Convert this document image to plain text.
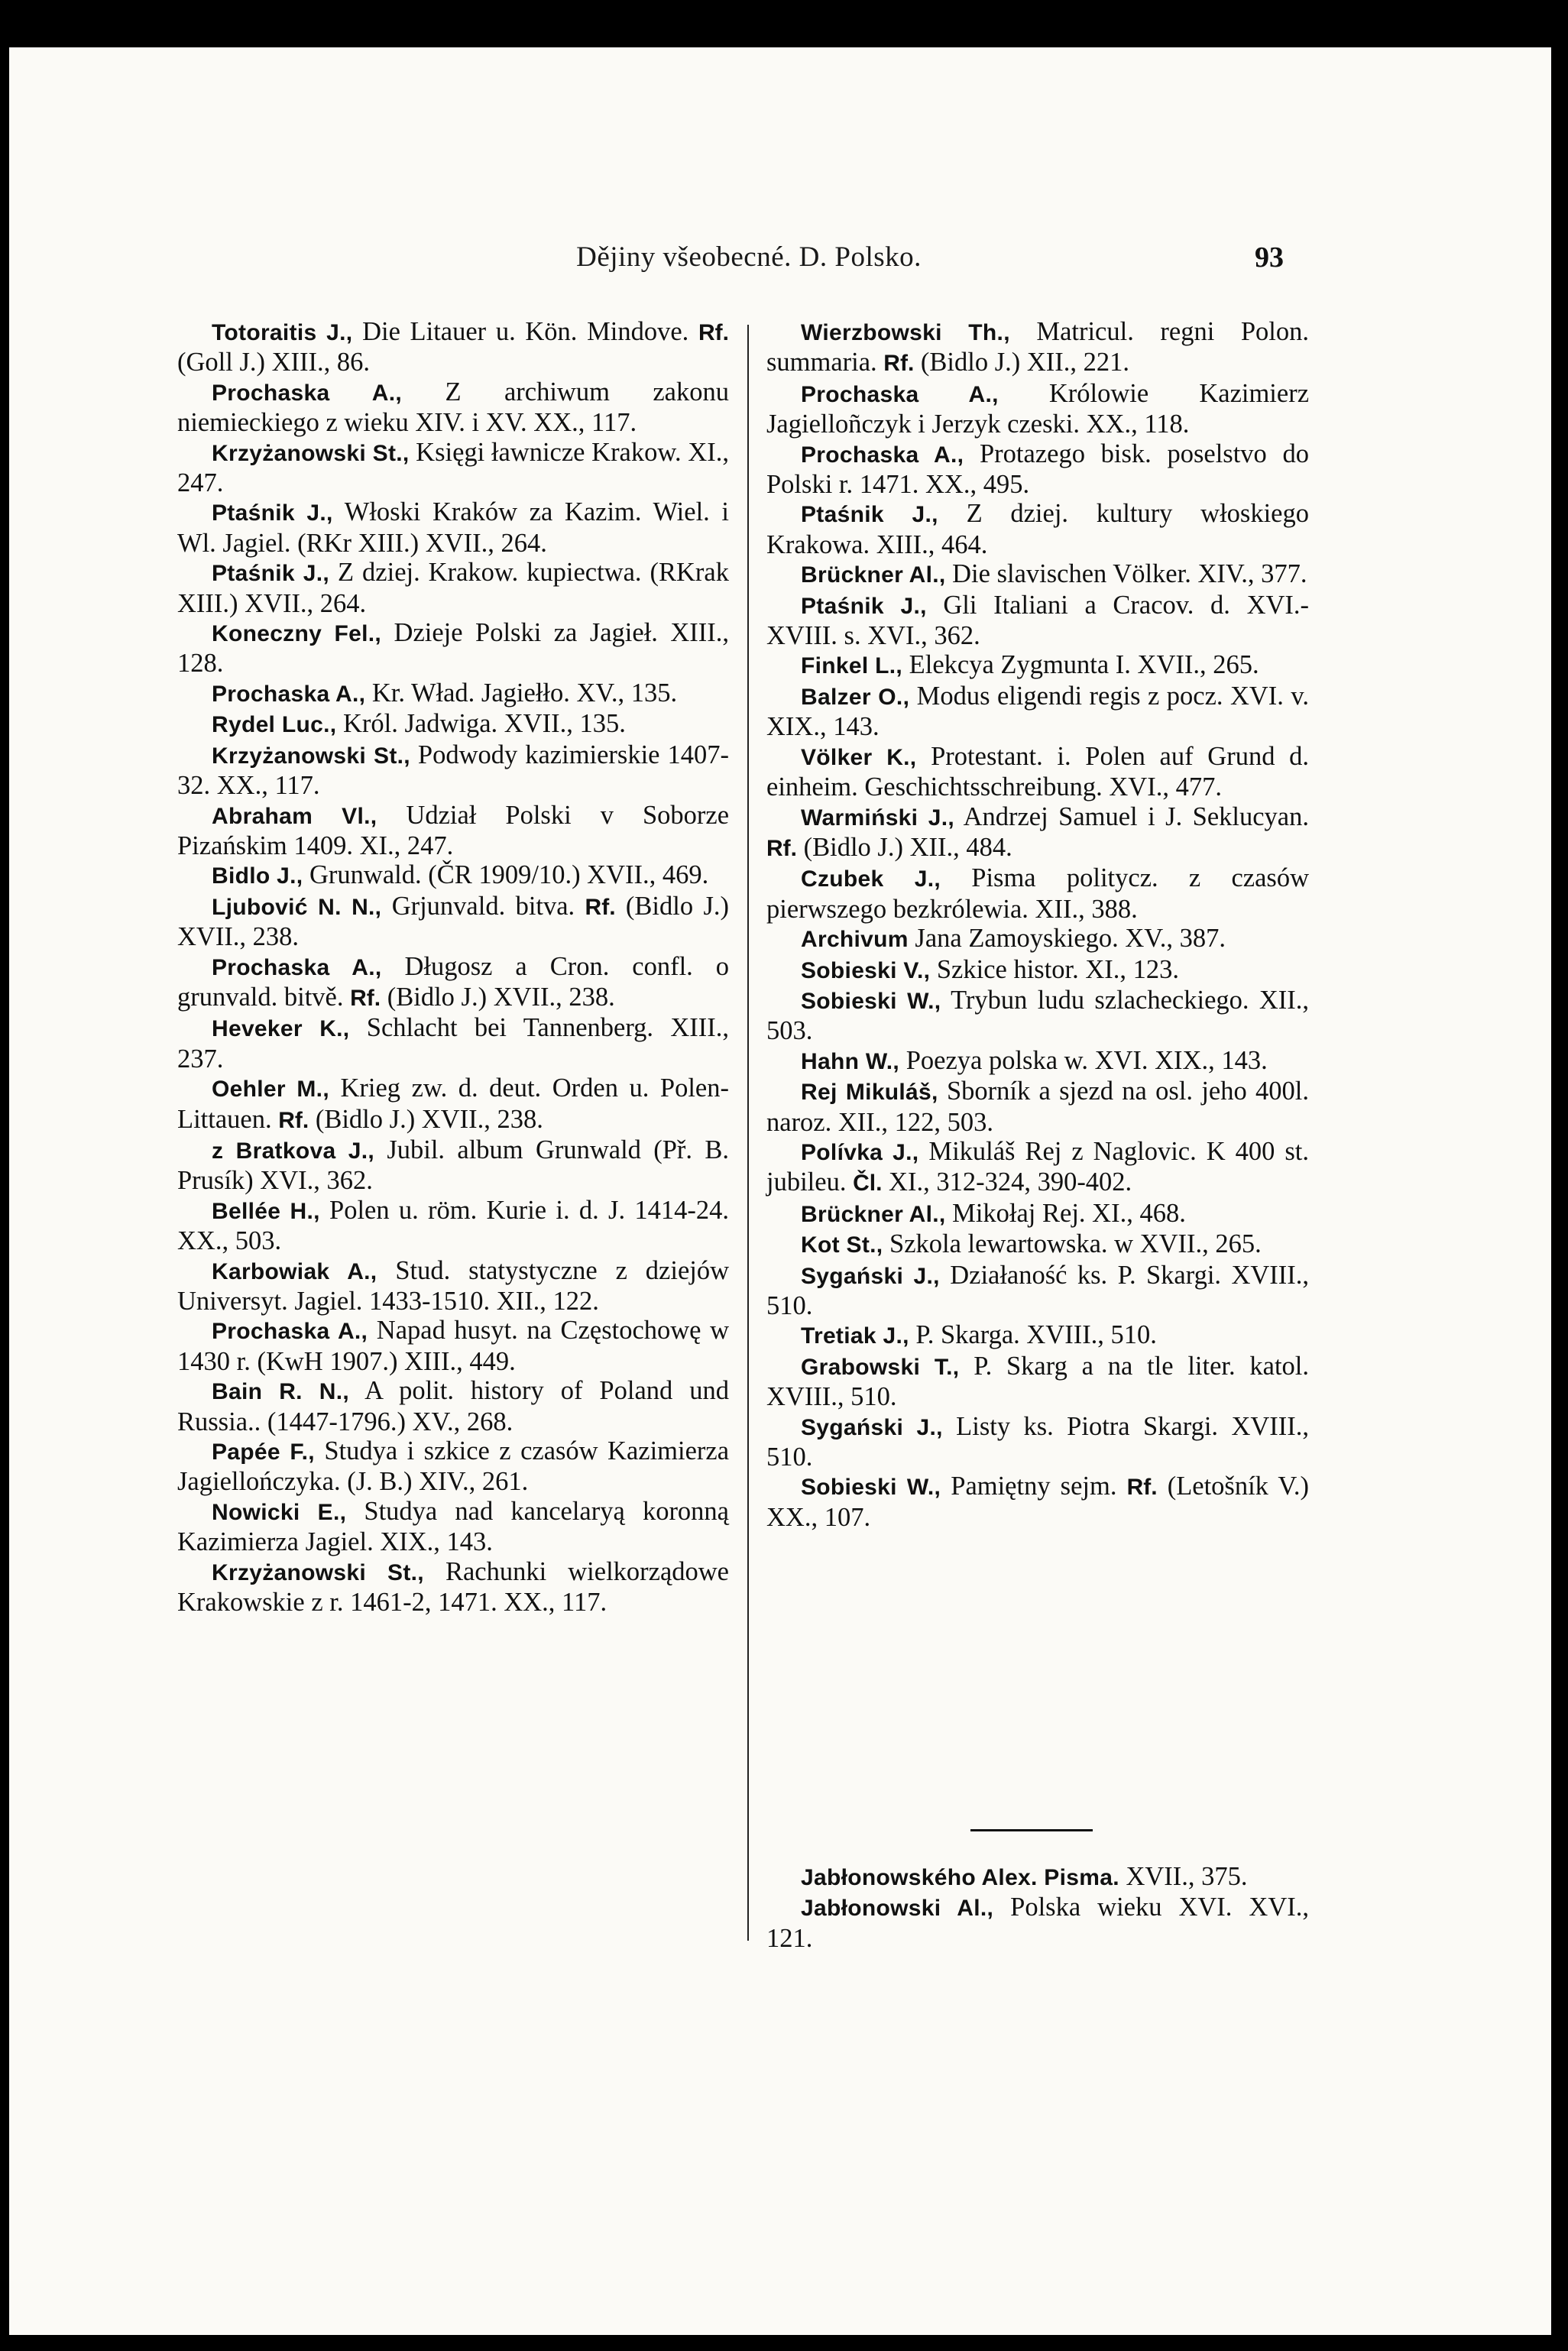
Dějiny všeobecné. D. Polsko.	93

Totoraitis J., Die Litauer u. Kön. Mindove. Rf. (Goll J.) XIII., 86.

Prochaska A., Z archiwum zakonu niemieckiego z wieku XIV. i XV. XX., 117.

Krzyżanowski St., Księgi ławnicze Krakow. XI., 247.

Ptaśnik J., Włoski Kraków za Kazim. Wiel. i Wl. Jagiel. (RKr XIII.) XVII., 264.

Ptaśnik J., Z dziej. Krakow. kupiectwa. (RKrak XIII.) XVII., 264.

Koneczny Fel., Dzieje Polski za Jagieł. XIII., 128.

Prochaska A., Kr. Wład. Jagiełło. XV., 135.

Rydel Luc., Król. Jadwiga. XVII., 135.

Krzyżanowski St., Podwody kazimierskie 1407-32. XX., 117.

Abraham Vl., Udział Polski v Soborze Pizańskim 1409. XI., 247.

Bidlo J., Grunwald. (ČR 1909/10.) XVII., 469.

Ljubović N. N., Grjunvald. bitva. Rf. (Bidlo J.) XVII., 238.

Prochaska A., Długosz a Cron. confl. o grunvald. bitvě. Rf. (Bidlo J.) XVII., 238.

Heveker K., Schlacht bei Tannenberg. XIII., 237.

Oehler M., Krieg zw. d. deut. Orden u. Polen-Littauen. Rf. (Bidlo J.) XVII., 238.

z Bratkova J., Jubil. album Grunwald (Př. B. Prusík) XVI., 362.

Bellée H., Polen u. röm. Kurie i. d. J. 1414-24. XX., 503.

Karbowiak A., Stud. statystyczne z dziejów Universyt. Jagiel. 1433-1510. XII., 122.

Prochaska A., Napad husyt. na Częstochowę w 1430 r. (KwH 1907.) XIII., 449.

Bain R. N., A polit. history of Poland und Russia.. (1447-1796.) XV., 268.

Papée F., Studya i szkice z czasów Kazimierza Jagiellończyka. (J. B.) XIV., 261.

Nowicki E., Studya nad kancelaryą koronną Kazimierza Jagiel. XIX., 143.

Krzyżanowski St., Rachunki wielkorządowe Krakowskie z r. 1461-2, 1471. XX., 117.

Wierzbowski Th., Matricul. regni Polon. summaria. Rf. (Bidlo J.) XII., 221.

Prochaska A., Królowie Kazimierz Jagielloñczyk i Jerzyk czeski. XX., 118.

Prochaska A., Protazego bisk. poselstvo do Polski r. 1471. XX., 495.

Ptaśnik J., Z dziej. kultury włoskiego Krakowa. XIII., 464.

Brückner Al., Die slavischen Völker. XIV., 377.

Ptaśnik J., Gli Italiani a Cracov. d. XVI.-XVIII. s. XVI., 362.

Finkel L., Elekcya Zygmunta I. XVII., 265.

Balzer O., Modus eligendi regis z pocz. XVI. v. XIX., 143.

Völker K., Protestant. i. Polen auf Grund d. einheim. Geschichtsschreibung. XVI., 477.

Warmiński J., Andrzej Samuel i J. Seklucyan. Rf. (Bidlo J.) XII., 484.

Czubek J., Pisma politycz. z czasów pierwszego bezkrólewia. XII., 388.

Archivum Jana Zamoyskiego. XV., 387.

Sobieski V., Szkice histor. XI., 123.

Sobieski W., Trybun ludu szlacheckiego. XII., 503.

Hahn W., Poezya polska w. XVI. XIX., 143.

Rej Mikuláš, Sborník a sjezd na osl. jeho 400l. naroz. XII., 122, 503.

Polívka J., Mikuláš Rej z Naglovic. K 400 st. jubileu. Čl. XI., 312-324, 390-402.

Brückner Al., Mikołaj Rej. XI., 468.

Kot St., Szkola lewartowska. w XVII., 265.

Sygański J., Działaność ks. P. Skargi. XVIII., 510.

Tretiak J., P. Skarga. XVIII., 510.

Grabowski T., P. Skarg a na tle liter. katol. XVIII., 510.

Sygański J., Listy ks. Piotra Skargi. XVIII., 510.

Sobieski W., Pamiętny sejm. Rf. (Letošník V.) XX., 107.

Jabłonowského Alex. Pisma. XVII., 375.

Jabłonowski Al., Polska wieku XVI. XVI., 121.
